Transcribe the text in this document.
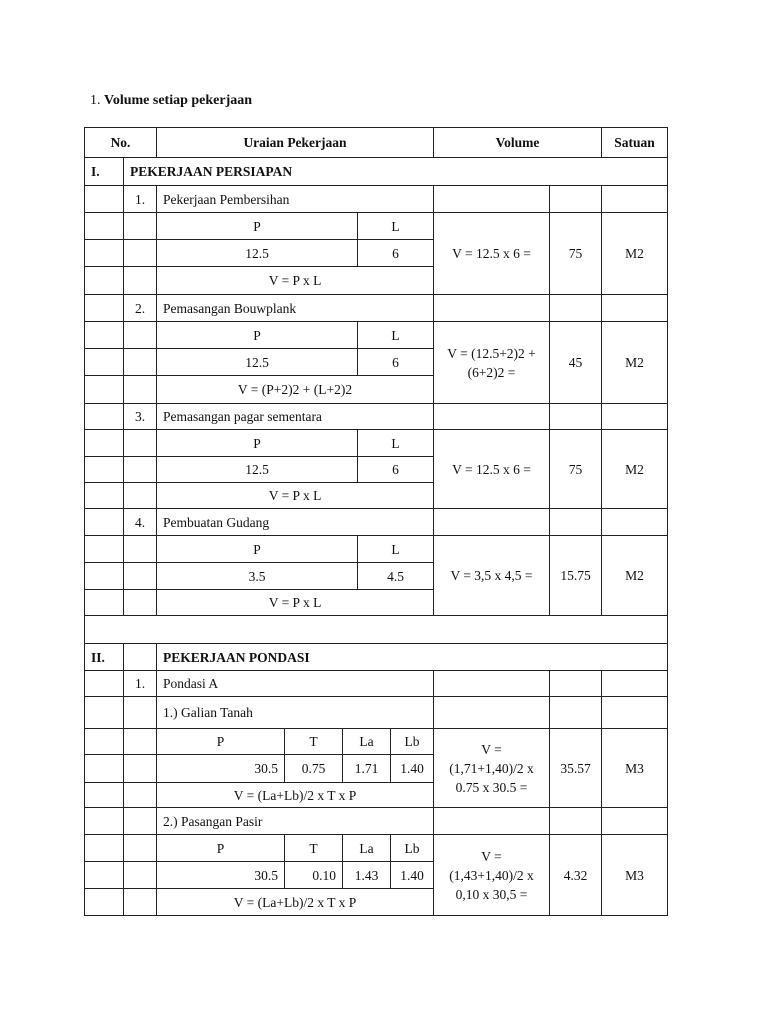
1. Volume setiap pekerjaan
No.	Uraian Pekerjaan	Volume	Satuan
I.	PEKERJAAN PERSIAPAN
1.	Pekerjaan Pembersihan
P	L
12.5	6
V = P x L
V = 12.5 x 6 =	75	M2
2.	Pemasangan Bouwplank
P	L
12.5	6
V = (P+2)2 + (L+2)2
V = (12.5+2)2 + (6+2)2 =
45	M2
3.	Pemasangan pagar sementara
P	L
12.5	6
V = P x L
V = 12.5 x 6 =	75	M2
4.	Pembuatan Gudang
P	L
3.5	4.5
V = P x L
V = 3,5 x 4,5 =	15.75	M2
II.	PEKERJAAN PONDASI
1.	Pondasi A
1.) Galian Tanah
P	T	La	Lb
30.5	0.75	1.71	1.40
V = (La+Lb)/2 x T x P
V =
(1,71+1,40)/2 x
0.75 x 30.5 =
35.57	M3
2.) Pasangan Pasir
P	T	La	Lb
30.5	0.10	1.43	1.40
V = (La+Lb)/2 x T x P
V =
(1,43+1,40)/2 x
0,10 x 30,5 =
4.32	M3
